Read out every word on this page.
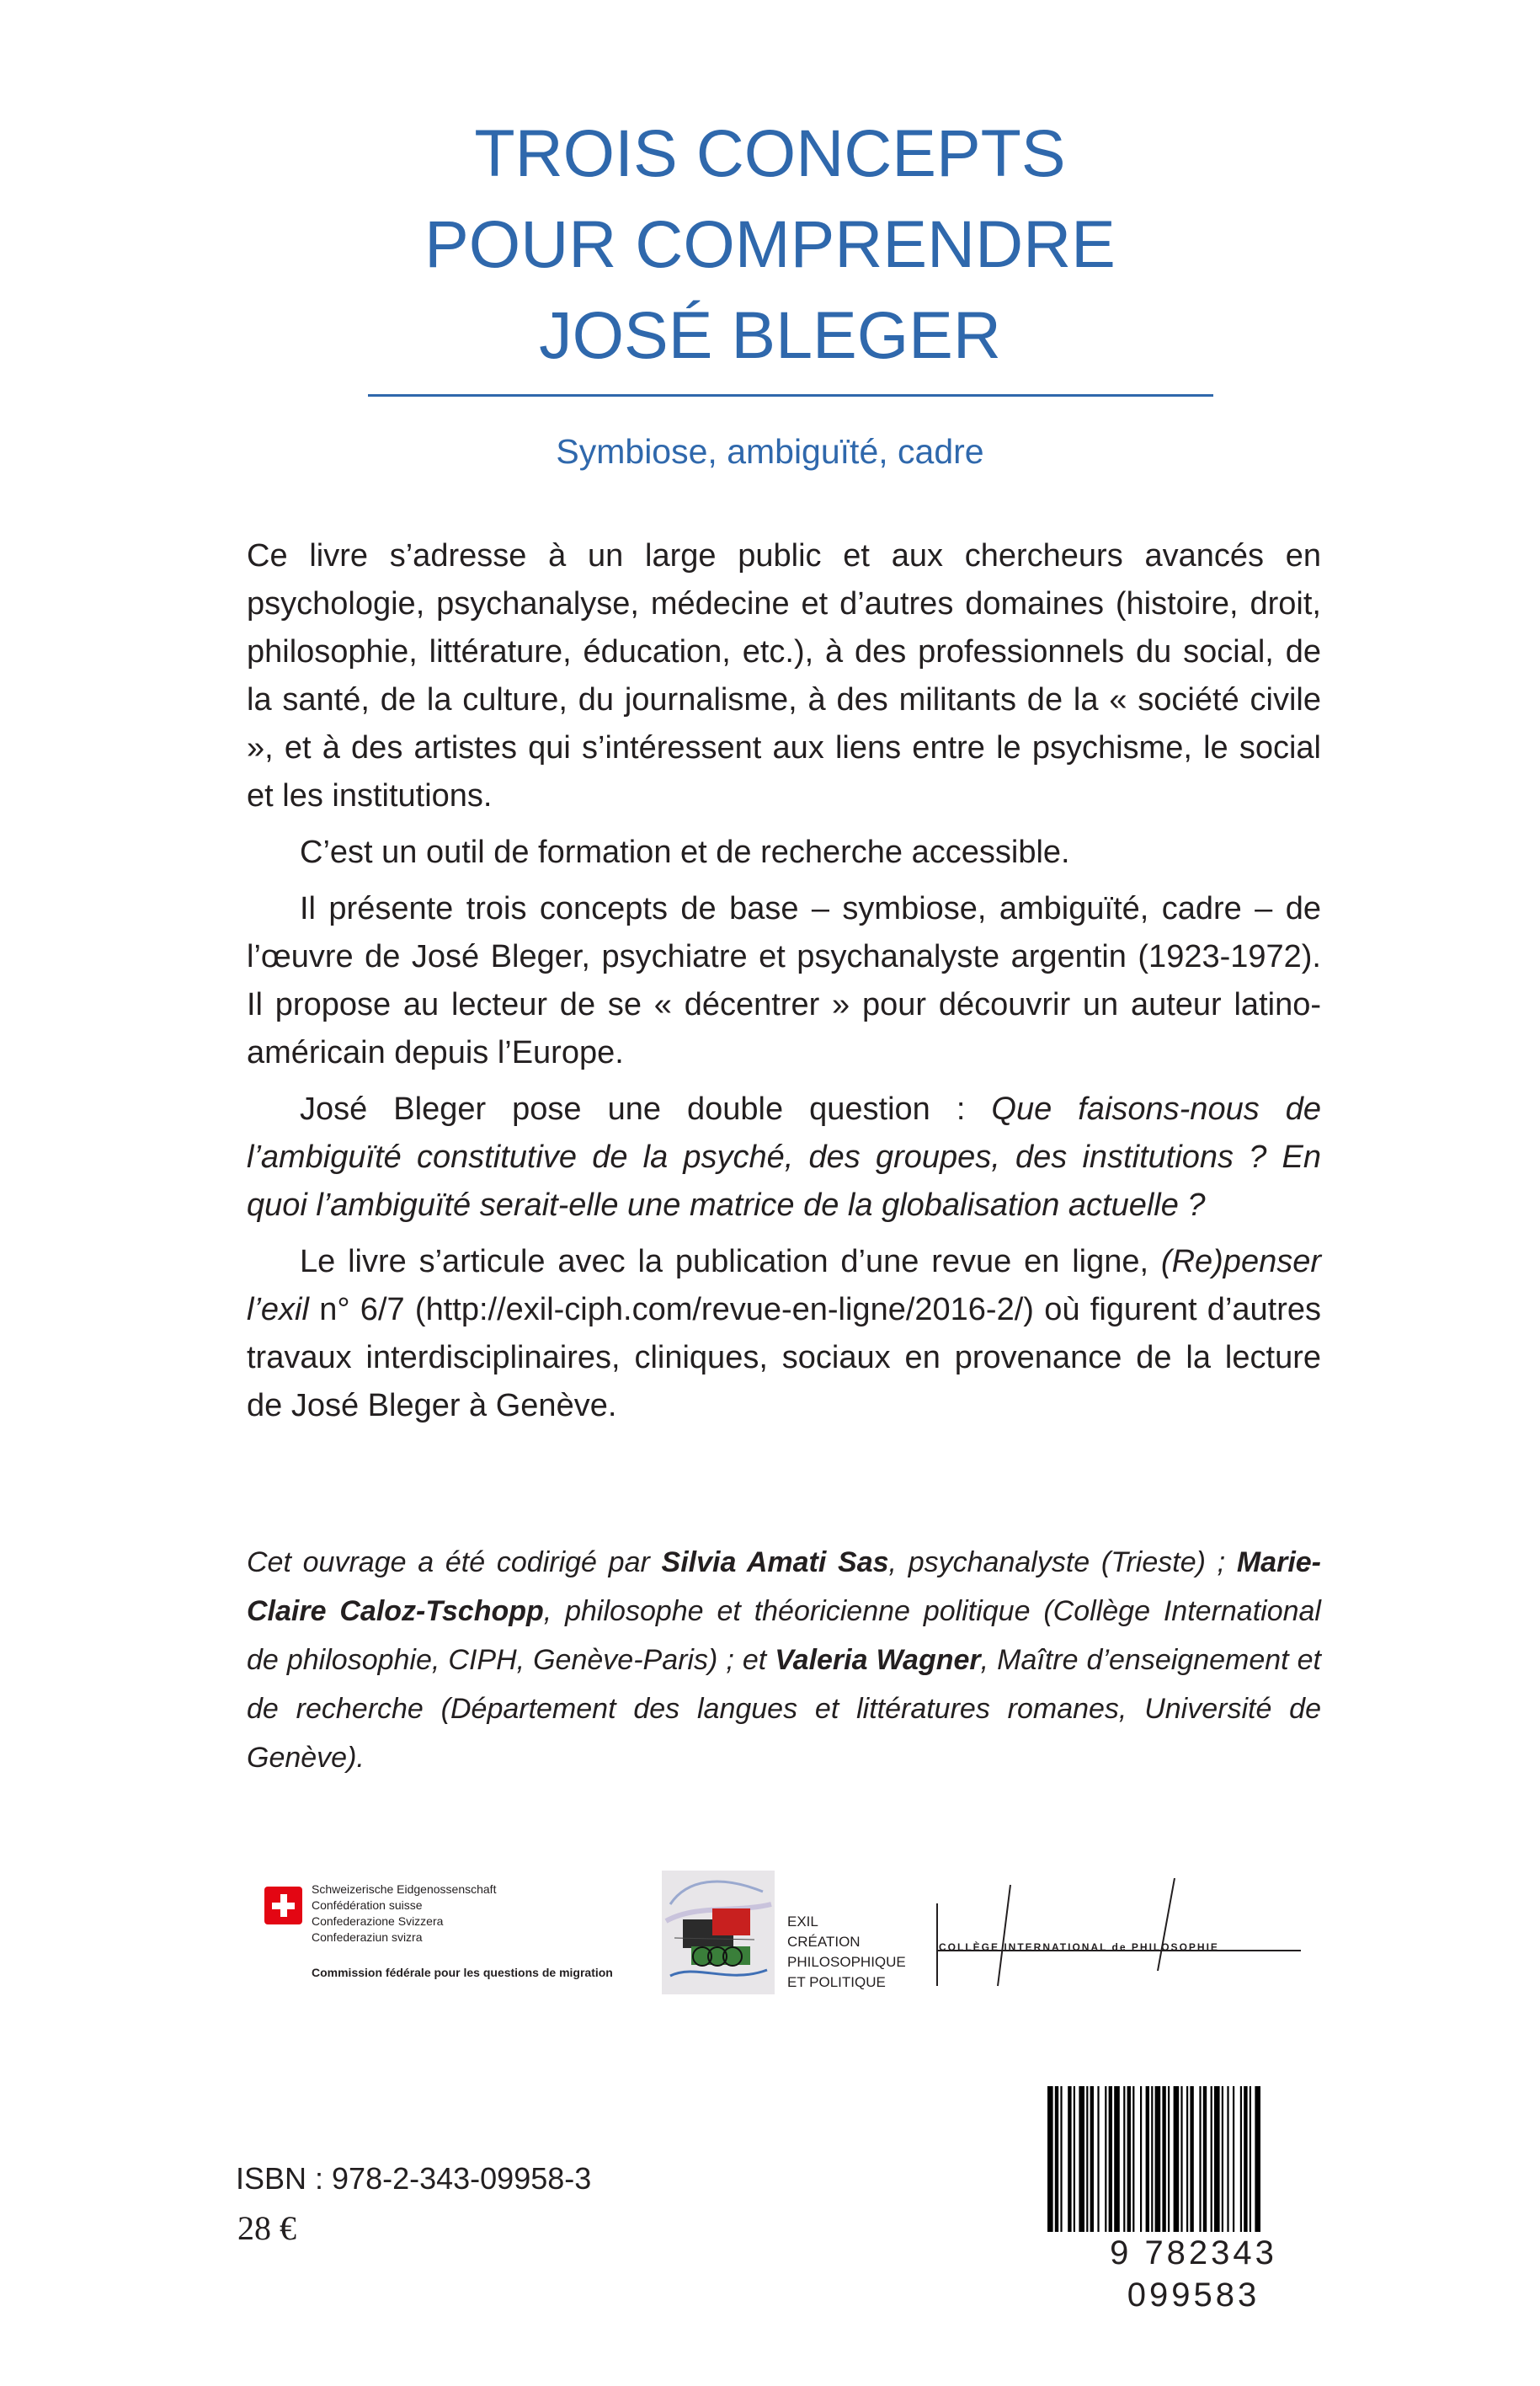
TROIS CONCEPTS
POUR COMPRENDRE
JOSÉ BLEGER
Symbiose, ambiguïté, cadre

Ce livre s’adresse à un large public et aux chercheurs avancés en psychologie, psychanalyse, médecine et d’autres domaines (histoire, droit, philosophie, littérature, éducation, etc.), à des professionnels du social, de la santé, de la culture, du journalisme, à des militants de la « société civile », et à des artistes qui s’intéressent aux liens entre le psychisme, le social et les institutions.

C’est un outil de formation et de recherche accessible.

Il présente trois concepts de base – symbiose, ambiguïté, cadre – de l’œuvre de José Bleger, psychiatre et psychanalyste argentin (1923-1972). Il propose au lecteur de se « décentrer » pour découvrir un auteur latino-américain depuis l’Europe.

José Bleger pose une double question : Que faisons-nous de l’ambiguïté constitutive de la psyché, des groupes, des institutions ? En quoi l’ambiguïté serait-elle une matrice de la globalisation actuelle ?

Le livre s’articule avec la publication d’une revue en ligne, (Re)penser l’exil n° 6/7 (http://exil-ciph.com/revue-en-ligne/2016-2/) où figurent d’autres travaux interdisciplinaires, cliniques, sociaux en provenance de la lecture de José Bleger à Genève.

Cet ouvrage a été codirigé par Silvia Amati Sas, psychanalyste (Trieste) ; Marie-Claire Caloz-Tschopp, philosophe et théoricienne politique (Collège International de philosophie, CIPH, Genève-Paris) ; et Valeria Wagner, Maître d’enseignement et de recherche (Département des langues et littératures romanes, Université de Genève).
Schweizerische Eidgenossenschaft
Confédération suisse
Confederazione Svizzera
Confederaziun svizra
Commission fédérale pour les questions de migration
EXIL
CRÉATION
PHILOSOPHIQUE
ET POLITIQUE
COLLÈGE INTERNATIONAL de PHILOSOPHIE
ISBN : 978-2-343-09958-3
28 €
9 782343 099583
